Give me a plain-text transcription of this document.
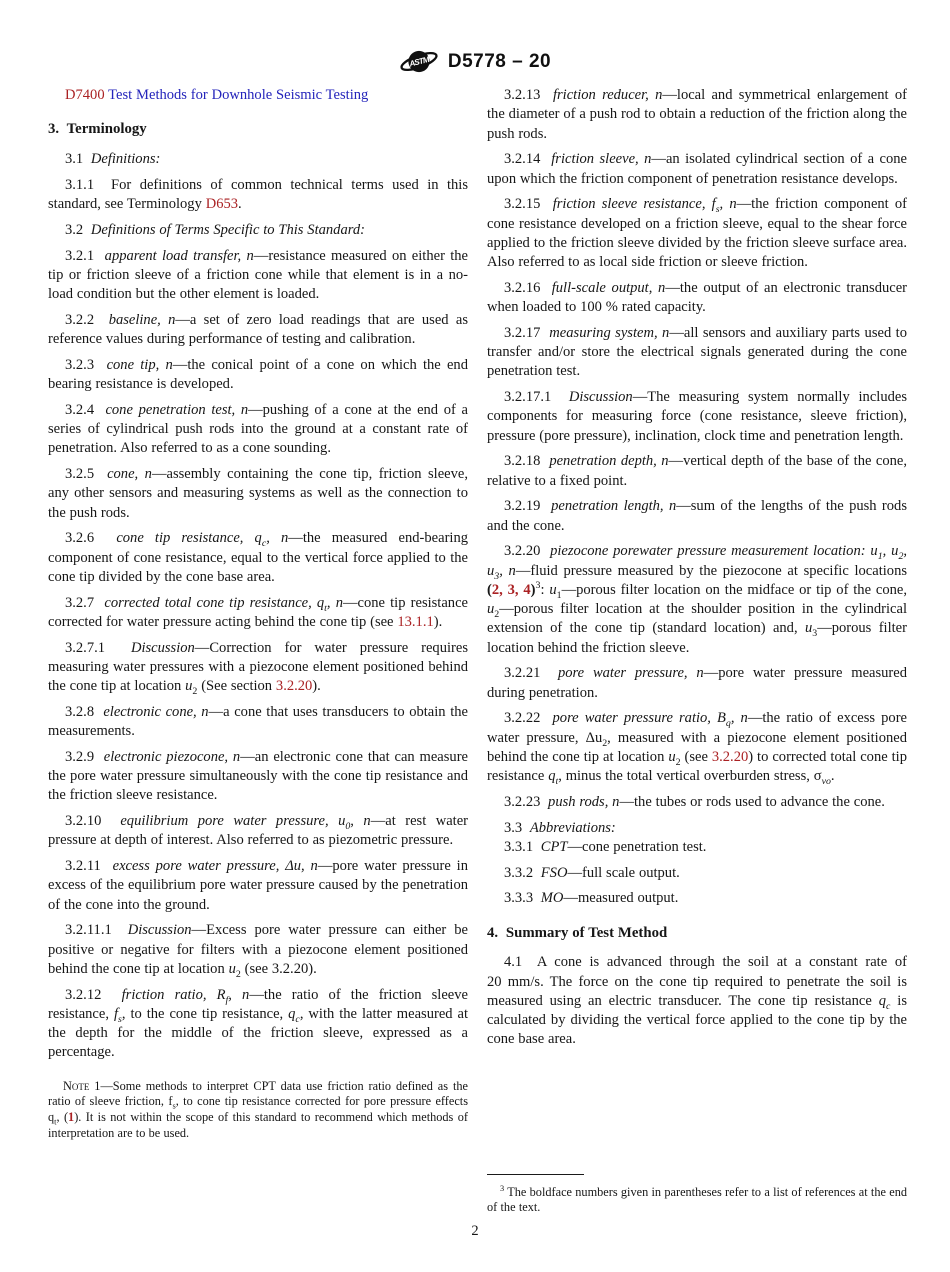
ASTM D5778 – 20

D7400 Test Methods for Downhole Seismic Testing

3.  Terminology

3.1  Definitions:

3.1.1  For definitions of common technical terms used in this standard, see Terminology D653.

3.2  Definitions of Terms Specific to This Standard:

3.2.1  apparent load transfer, n—resistance measured on either the tip or friction sleeve of a friction cone while that element is in a no-load condition but the other element is loaded.

3.2.2  baseline, n—a set of zero load readings that are used as reference values during performance of testing and calibration.

3.2.3  cone tip, n—the conical point of a cone on which the end bearing resistance is developed.

3.2.4  cone penetration test, n—pushing of a cone at the end of a series of cylindrical push rods into the ground at a constant rate of penetration. Also referred to as a cone sounding.

3.2.5  cone, n—assembly containing the cone tip, friction sleeve, any other sensors and measuring systems as well as the connection to the push rods.

3.2.6  cone tip resistance, $q_c$, n—the measured end-bearing component of cone resistance, equal to the vertical force applied to the cone tip divided by the cone base area.

3.2.7  corrected total cone tip resistance, $q_t$, n—cone tip resistance corrected for water pressure acting behind the cone tip (see 13.1.1).

3.2.7.1  Discussion—Correction for water pressure requires measuring water pressures with a piezocone element positioned behind the cone tip at location $u_2$ (See section 3.2.20).

3.2.8  electronic cone, n—a cone that uses transducers to obtain the measurements.

3.2.9  electronic piezocone, n—an electronic cone that can measure the pore water pressure simultaneously with the cone tip resistance and the friction sleeve resistance.

3.2.10  equilibrium pore water pressure, $u_0$, n—at rest water pressure at depth of interest. Also referred to as piezometric pressure.

3.2.11  excess pore water pressure, Δu, n—pore water pressure in excess of the equilibrium pore water pressure caused by the penetration of the cone into the ground.

3.2.11.1  Discussion—Excess pore water pressure can either be positive or negative for filters with a piezocone element positioned behind the cone tip at location $u_2$ (see 3.2.20).

3.2.12  friction ratio, $R_f$, n—the ratio of the friction sleeve resistance, $f_s$, to the cone tip resistance, $q_c$, with the latter measured at the depth for the middle of the friction sleeve, expressed as a percentage.

Note 1—Some methods to interpret CPT data use friction ratio defined as the ratio of sleeve friction, $f_s$, to cone tip resistance corrected for pore pressure effects $q_t$, (1). It is not within the scope of this standard to recommend which methods of interpretation are to be used.

3.2.13  friction reducer, n—local and symmetrical enlargement of the diameter of a push rod to obtain a reduction of the friction along the push rods.

3.2.14  friction sleeve, n—an isolated cylindrical section of a cone upon which the friction component of penetration resistance develops.

3.2.15  friction sleeve resistance, $f_s$, n—the friction component of cone resistance developed on a friction sleeve, equal to the shear force applied to the friction sleeve divided by the friction sleeve surface area. Also referred to as local side friction or sleeve friction.

3.2.16  full-scale output, n—the output of an electronic transducer when loaded to 100 % rated capacity.

3.2.17  measuring system, n—all sensors and auxiliary parts used to transfer and/or store the electrical signals generated during the cone penetration test.

3.2.17.1  Discussion—The measuring system normally includes components for measuring force (cone resistance, sleeve friction), pressure (pore pressure), inclination, clock time and penetration length.

3.2.18  penetration depth, n—vertical depth of the base of the cone, relative to a fixed point.

3.2.19  penetration length, n—sum of the lengths of the push rods and the cone.

3.2.20  piezocone porewater pressure measurement location: $u_1$, $u_2$, $u_3$, n—fluid pressure measured by the piezocone at specific locations (2, 3, 4)$^3$: $u_1—porous$ filter location on the midface or tip of the cone, $u_2—porous$ filter location at the shoulder position in the cylindrical extension of the cone tip (standard location) and, $u_3—porous$ filter location behind the friction sleeve.

3.2.21  pore water pressure, n—pore water pressure measured during penetration.

3.2.22  pore water pressure ratio, $B_q$, n—the ratio of excess pore water pressure, $\Delta u_2$, measured with a piezocone element positioned behind the cone tip at location $u_2$ (see 3.2.20) to corrected total cone tip resistance $q_t$, minus the total vertical overburden stress, $\sigma_{vo}$.

3.2.23  push rods, n—the tubes or rods used to advance the cone.

3.3  Abbreviations:

3.3.1  CPT—cone penetration test.

3.3.2  FSO—full scale output.

3.3.3  MO—measured output.

4.  Summary of Test Method

4.1  A cone is advanced through the soil at a constant rate of 20 mm/s. The force on the cone tip required to penetrate the soil is measured using an electric transducer. The cone tip resistance $q_c$ is calculated by dividing the vertical force applied to the cone tip by the cone base area.

$^3$ The boldface numbers given in parentheses refer to a list of references at the end of the text.

2
